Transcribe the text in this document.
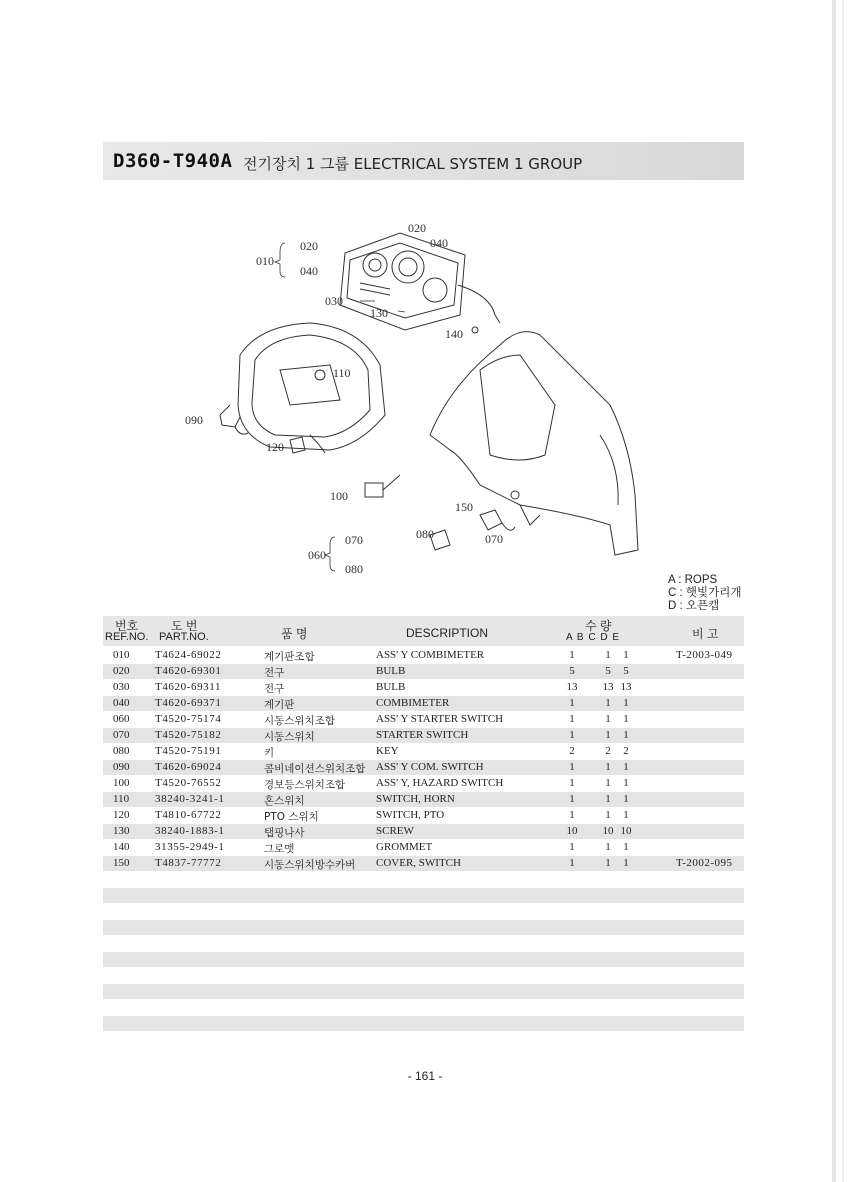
D360-T940A 전기장치 1 그룹 ELECTRICAL SYSTEM 1 GROUP
010
020
040
020
040
030
130
140
110
090
120
100
150
080	070
060
070
080
A : ROPS
C : 햇빛가리개
D : 오픈캡
번호	도 번
REF.NO. PART.NO.	품 명	DESCRIPTION	수 량
A B C D E	비 고
010 T4624-69022	계기판조합	ASS' Y COMBIMETER	1	1	1	T-2003-049
020 T4620-69301	전구	BULB	5	5	5
030 T4620-69311	전구	BULB	13 13 13
040 T4620-69371	계기판	COMBIMETER	1	1	1
060 T4520-75174	시동스위치조합	ASS' Y STARTER SWITCH	1	1	1
070 T4520-75182	시동스위치	STARTER SWITCH	1	1	1
080 T4520-75191	키	KEY	2	2	2
090 T4620-69024	콤비네이션스위치조합 ASS' Y COM. SWITCH	1	1	1
100 T4520-76552	경보등스위치조합	ASS' Y, HAZARD SWITCH	1	1	1
110 38240-3241-1	혼스위치	SWITCH, HORN	1	1	1
120 T4810-67722	PTO 스위치	SWITCH, PTO	1	1	1
130 38240-1883-1	탭핑나사	SCREW	10 10 10
140 31355-2949-1	그로멧	GROMMET	1	1	1
150 T4837-77772	시동스위치방수카버 COVER, SWITCH	1	1	1	T-2002-095
- 161 -
